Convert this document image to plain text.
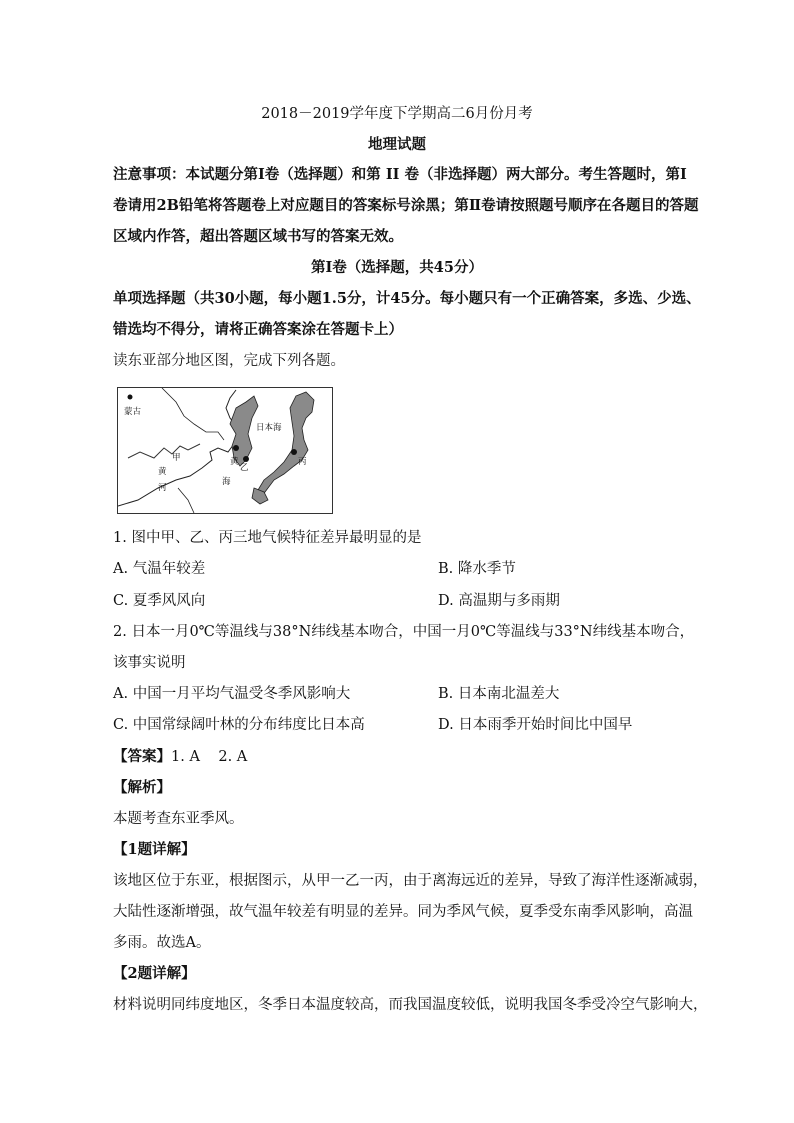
2018－2019学年度下学期高二6月份月考
地理试题
注意事项：本试题分第Ⅰ卷（选择题）和第 II 卷（非选择题）两大部分。考生答题时，第Ⅰ
卷请用2B铅笔将答题卷上对应题目的答案标号涂黑；第Ⅱ卷请按照题号顺序在各题目的答题
区域内作答，超出答题区域书写的答案无效。
第Ⅰ卷（选择题，共45分）
单项选择题（共30小题，每小题1.5分，计45分。每小题只有一个正确答案，多选、少选、
错选均不得分，请将正确答案涂在答题卡上）
读东亚部分地区图，完成下列各题。
蒙古
日本海
甲
乙
丙
黄
河
黄
海
1. 图中甲、乙、丙三地气候特征差异最明显的是
A. 气温年较差	B. 降水季节
C. 夏季风风向	D. 高温期与多雨期
2. 日本一月0℃等温线与38°N纬线基本吻合，中国一月0℃等温线与33°N纬线基本吻合，
该事实说明
A. 中国一月平均气温受冬季风影响大	B. 日本南北温差大
C. 中国常绿阔叶林的分布纬度比日本高	D. 日本雨季开始时间比中国早
【答案】1. A    2. A
【解析】
本题考查东亚季风。
【1题详解】
该地区位于东亚，根据图示，从甲一乙一丙，由于离海远近的差异，导致了海洋性逐渐减弱，
大陆性逐渐增强，故气温年较差有明显的差异。同为季风气候，夏季受东南季风影响，高温
多雨。故选A。
【2题详解】
材料说明同纬度地区，冬季日本温度较高，而我国温度较低，说明我国冬季受冷空气影响大，
